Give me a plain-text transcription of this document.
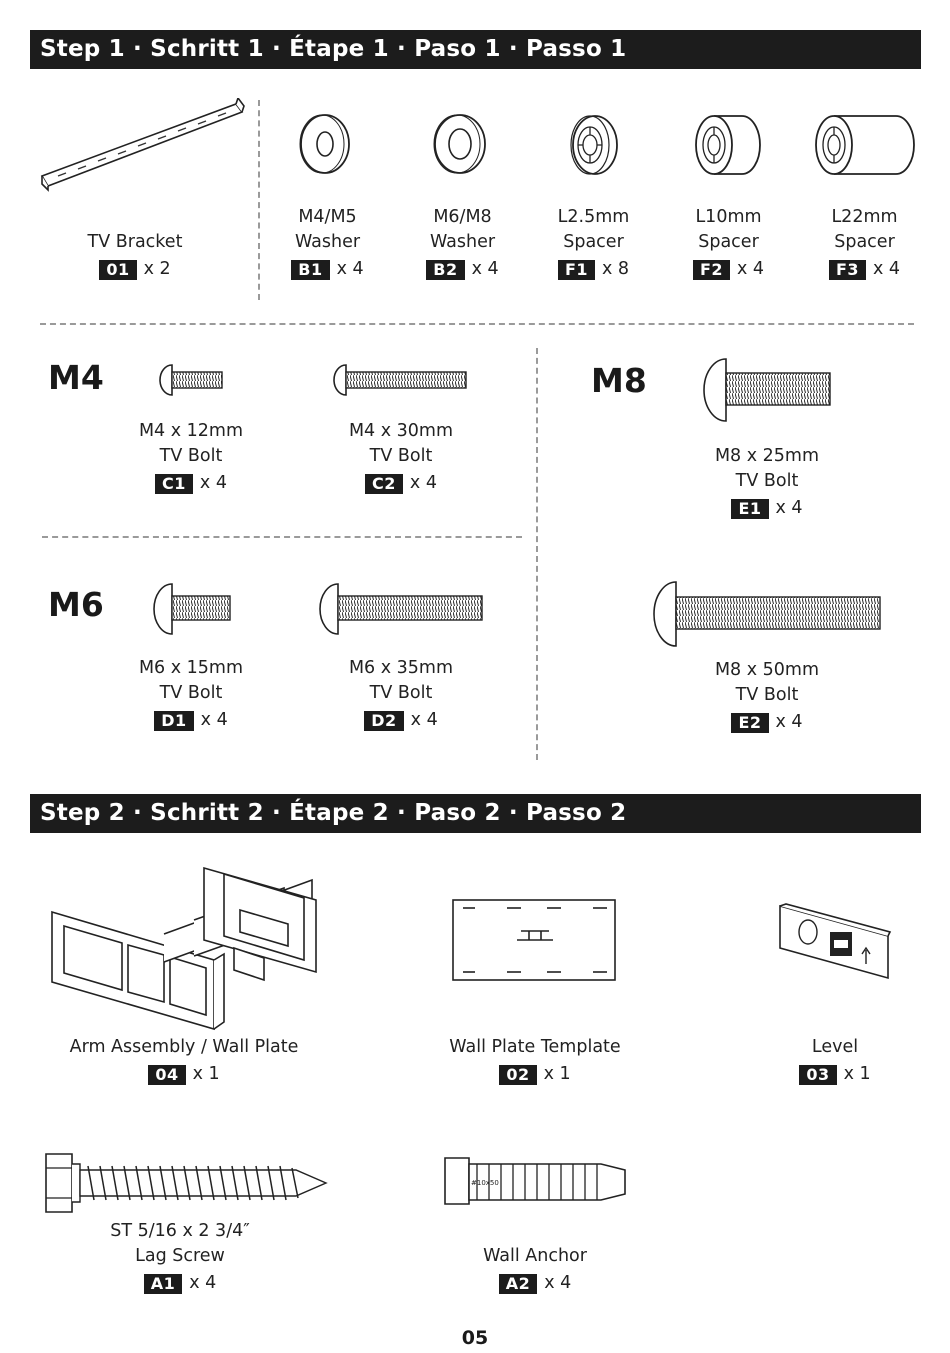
Step 1 · Schritt 1 · Étape 1 · Paso 1 · Passo 1
Step 2 · Schritt 2 · Étape 2 · Paso 2 · Passo 2
M4
M6
M8
#10x50
TV Bracket
01 x 2
M4/M5
Washer
B1 x 4
M6/M8
Washer
B2 x 4
L2.5mm
Spacer
F1 x 8
L10mm
Spacer
F2 x 4
L22mm
Spacer
F3 x 4
M4 x 12mm
TV Bolt
C1 x 4
M4 x 30mm
TV Bolt
C2 x 4
M6 x 15mm
TV Bolt
D1 x 4
M6 x 35mm
TV Bolt
D2 x 4
M8 x 25mm
TV Bolt
E1 x 4
M8 x 50mm
TV Bolt
E2 x 4
Arm Assembly / Wall Plate
04 x 1
Wall Plate Template
02 x 1
Level
03 x 1
ST 5/16 x 2 3/4″
Lag Screw
A1 x 4
Wall Anchor
A2 x 4
05
